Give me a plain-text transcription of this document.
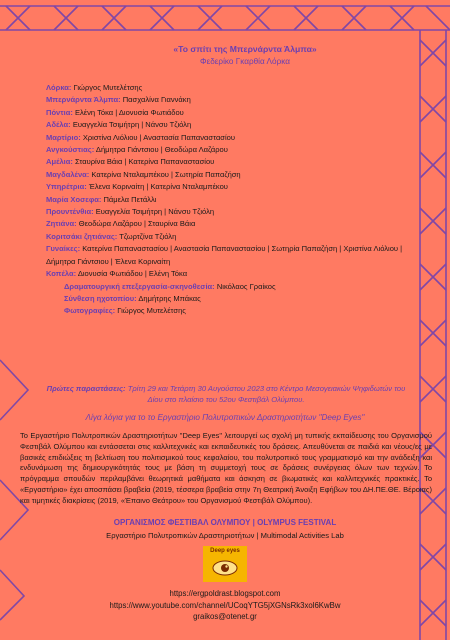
«Το σπίτι της Μπερνάρντα Άλμπα»
Φεδερίκο Γκαρθία Λόρκα
Λόρκα: Γιώργος Μυτελέτσης
Μπερνάρντα Άλμπα: Πασχαλίνα Γιαννάκη
Πόντια: Ελένη Τόκα | Διονυσία Φωτιάδου
Αδέλα: Ευαγγελία Τσιμήτρη | Νάνσυ Τζιόλη
Μαρτίριο: Χριστίνα Λιόλιου | Αναστασία Παπαναστασίου
Ανγκούστιας: Δήμητρα Γιάντσιου | Θεοδώρα Λαζάρου
Αμέλια: Σταυρίνα Βάια | Κατερίνα Παπαναστασίου
Μαγδαλένα: Κατερίνα Νταλαμπέκου | Σωτηρία Παπαζήση
Υπηρέτρια: Έλενα Κοριναίτη | Κατερίνα Νταλαμπέκου
Μαρία Χοσεφα: Πάμελα Πετάλλι
Προυντένθια: Ευαγγελία Τσιμήτρη | Νάνσυ Τζιόλη
Ζητιάνα: Θεοδώρα Λαζάρου | Σταυρίνα Βάια
Κοριτσάκι ζητιάνας: Τζωρτζίνα Τζιόλη
Γυναίκες: Κατερίνα Παπαναστασίου | Αναστασία Παπαναστασίου | Σωτηρία Παπαζήση | Χριστίνα Λιόλιου | Δήμητρα Γιάντσιου | Έλενα Κοριναίτη
Κοπέλα: Διονυσία Φωτιάδου | Ελένη Τόκα
Δραματουργική επεξεργασία-σκηνοθεσία: Νικόλαος Γραίκος
Σύνθεση ηχοτοπίου: Δημήτρης Μπάκας
Φωτογραφίες: Γιώργος Μυτελέτσης
Πρώτες παραστάσεις: Τρίτη 29 και Τετάρτη 30 Αυγούστου 2023 στο Κέντρο Μεσογειακών Ψηφιδωτών του Δίου στο πλαίσιο του 52ου Φεστιβάλ Ολύμπου.
Λίγα λόγια για το το Εργαστήριο Πολυτροπικών Δραστηριοτήτων "Deep Eyes"
Το Εργαστήριο Πολυτροπικών Δραστηριοτήτων "Deep Eyes" λειτουργεί ως σχολή μη τυπικής εκπαίδευσης του Οργανισμού Φεστιβάλ Ολύμπου και εντάσσεται στις καλλιτεχνικές και εκπαιδευτικές του δράσεις. Απευθύνεται σε παιδιά και νέους/ες με βασικές επιδιώξεις τη βελτίωση του πολιτισμικού τους κεφαλαίου, του πολυτροπικό τους γραμματισμό και την ανάδειξη και ενδυνάμωση της δημιουργικότητάς τους με βάση τη συμμετοχή τους σε δράσεις συνέργειας όλων των τεχνών. Το πρόγραμμα σπουδών περιλαμβάνει θεωρητικά μαθήματα και άσκηση σε βιωματικές και καλλιτεχνικές πρακτικές. Το «Εργαστήριο» έχει αποσπάσει βραβεία (2019, τέσσερα βραβεία στην 7η Θεατρική Άνοιξη Εφήβων του ΔΗ.ΠΕ.ΘΕ. Βέροιας) και τιμητικές διακρίσεις (2019, «Έπαινο Θεάτρου» του Οργανισμού Φεστιβάλ Ολύμπου).
ΟΡΓΑΝΙΣΜΟΣ ΦΕΣΤΙΒΑΛ ΟΛΥΜΠΟΥ | OLYMPUS FESTIVAL
Εργαστήριο Πολυτροπικών Δραστηριοτήτων | Multimodal Activities Lab
Deep eyes
https://ergpoldrast.blogspot.com
https://www.youtube.com/channel/UCoqYTG5jXGNsRk3xol6KwBw
graikos@otenet.gr
